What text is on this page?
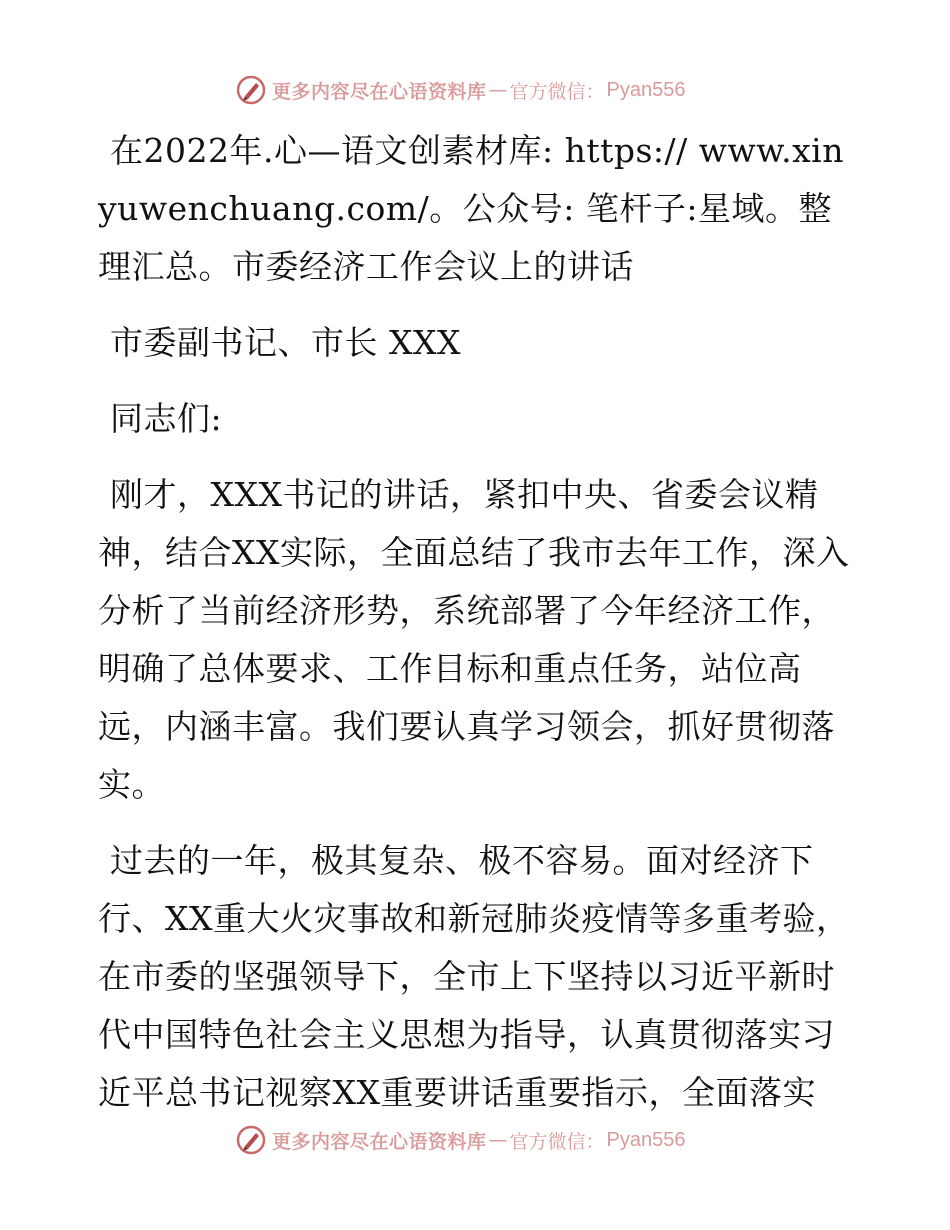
更多内容尽在心语资料库 — 官方微信： Pyan556

在2022年.心—语文创素材库: https:// www.xinyuwenchuang.com/。公众号: 笔杆子:星域。整理汇总。市委经济工作会议上的讲话

市委副书记、市长 XXX

同志们:

刚才，XXX书记的讲话，紧扣中央、省委会议精神，结合XX实际，全面总结了我市去年工作，深入分析了当前经济形势，系统部署了今年经济工作，明确了总体要求、工作目标和重点任务，站位高远，内涵丰富。我们要认真学习领会，抓好贯彻落实。

过去的一年，极其复杂、极不容易。面对经济下行、XX重大火灾事故和新冠肺炎疫情等多重考验，在市委的坚强领导下，全市上下坚持以习近平新时代中国特色社会主义思想为指导，认真贯彻落实习近平总书记视察XX重要讲话重要指示，全面落实

更多内容尽在心语资料库 — 官方微信： Pyan556
